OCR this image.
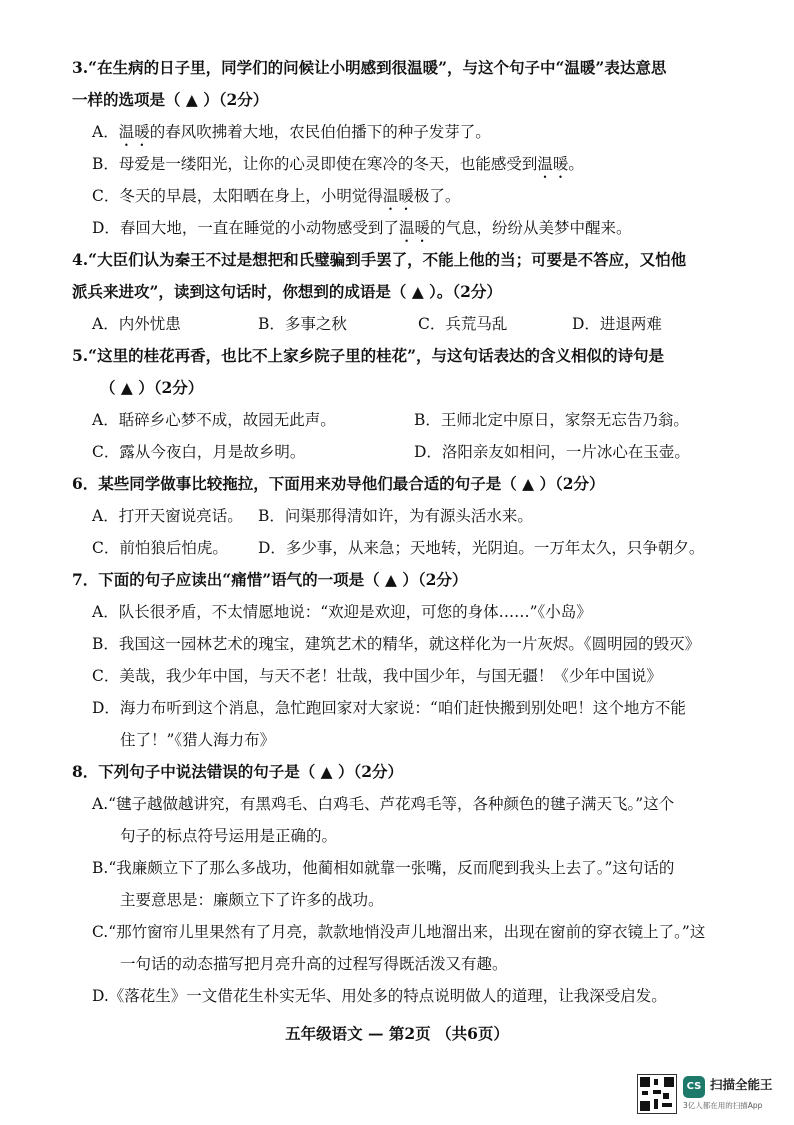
3.“在生病的日子里，同学们的问候让小明感到很温暖”，与这个句子中“温暖”表达意思
一样的选项是（ ▲ ）（2分）
A．温暖的春风吹拂着大地，农民伯伯播下的种子发芽了。
B．母爱是一缕阳光，让你的心灵即使在寒冷的冬天，也能感受到温暖。
C．冬天的早晨，太阳晒在身上，小明觉得温暖极了。
D．春回大地，一直在睡觉的小动物感受到了温暖的气息，纷纷从美梦中醒来。
4.“大臣们认为秦王不过是想把和氏璧骗到手罢了，不能上他的当；可要是不答应，又怕他
派兵来进攻”，读到这句话时，你想到的成语是（ ▲ ）。（2分）
A．内外忧患	B．多事之秋	C．兵荒马乱	D．进退两难
5.“这里的桂花再香，也比不上家乡院子里的桂花”，与这句话表达的含义相似的诗句是
（ ▲ ）（2分）
A．聒碎乡心梦不成，故园无此声。	B．王师北定中原日，家祭无忘告乃翁。
C．露从今夜白，月是故乡明。	D．洛阳亲友如相问，一片冰心在玉壶。
6．某些同学做事比较拖拉，下面用来劝导他们最合适的句子是（ ▲ ）（2分）
A．打开天窗说亮话。 B．问渠那得清如许，为有源头活水来。
C．前怕狼后怕虎。 D．多少事，从来急；天地转，光阴迫。一万年太久，只争朝夕。
7．下面的句子应读出“痛惜”语气的一项是（ ▲ ）（2分）
A．队长很矛盾，不太情愿地说：“欢迎是欢迎，可您的身体……”《小岛》
B．我国这一园林艺术的瑰宝，建筑艺术的精华，就这样化为一片灰烬。《圆明园的毁灭》
C．美哉，我少年中国，与天不老！壮哉，我中国少年，与国无疆！《少年中国说》
D．海力布听到这个消息，急忙跑回家对大家说：“咱们赶快搬到别处吧！这个地方不能
住了！”《猎人海力布》
8．下列句子中说法错误的句子是（ ▲ ）（2分）
A.“毽子越做越讲究，有黑鸡毛、白鸡毛、芦花鸡毛等，各种颜色的毽子满天飞。”这个
句子的标点符号运用是正确的。
B.“我廉颇立下了那么多战功，他蔺相如就靠一张嘴，反而爬到我头上去了。”这句话的
主要意思是：廉颇立下了许多的战功。
C.“那竹窗帘儿里果然有了月亮，款款地悄没声儿地溜出来，出现在窗前的穿衣镜上了。”这
一句话的动态描写把月亮升高的过程写得既活泼又有趣。
D.《落花生》一文借花生朴实无华、用处多的特点说明做人的道理，让我深受启发。
五年级语文 — 第2页 （共6页）
CS 扫描全能王
3亿人都在用的扫描App
